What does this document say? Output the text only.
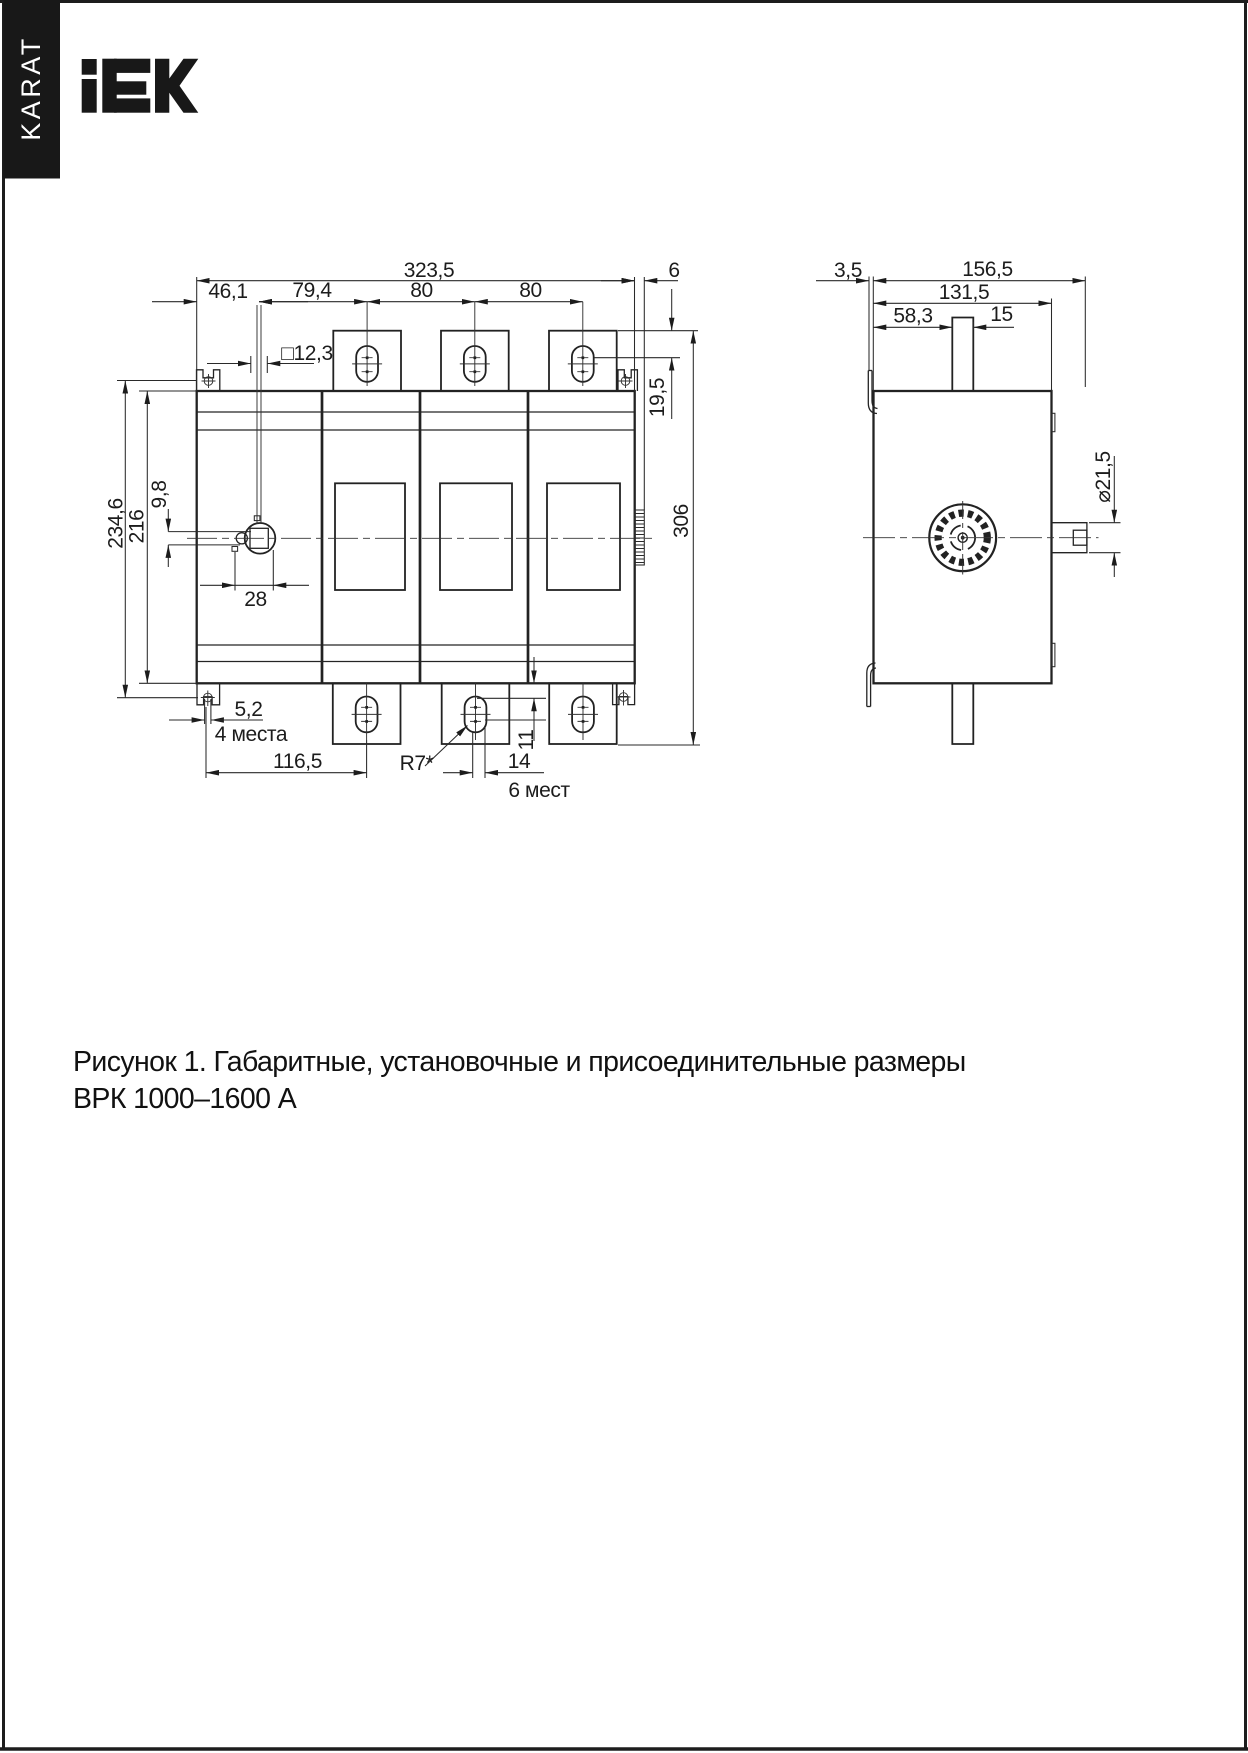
KARAT
323,5
46,1 79,4	80	80
□12,3
6
19,5
306
234,6
216
9,8
28
5,2
4 места
116,5	R7*	14
11
6 мест
3,5	156,5
131,5
58,3	15
⌀21,5
Рисунок 1. Габаритные, установочные и присоединительные размеры
ВРК 1000–1600 А
